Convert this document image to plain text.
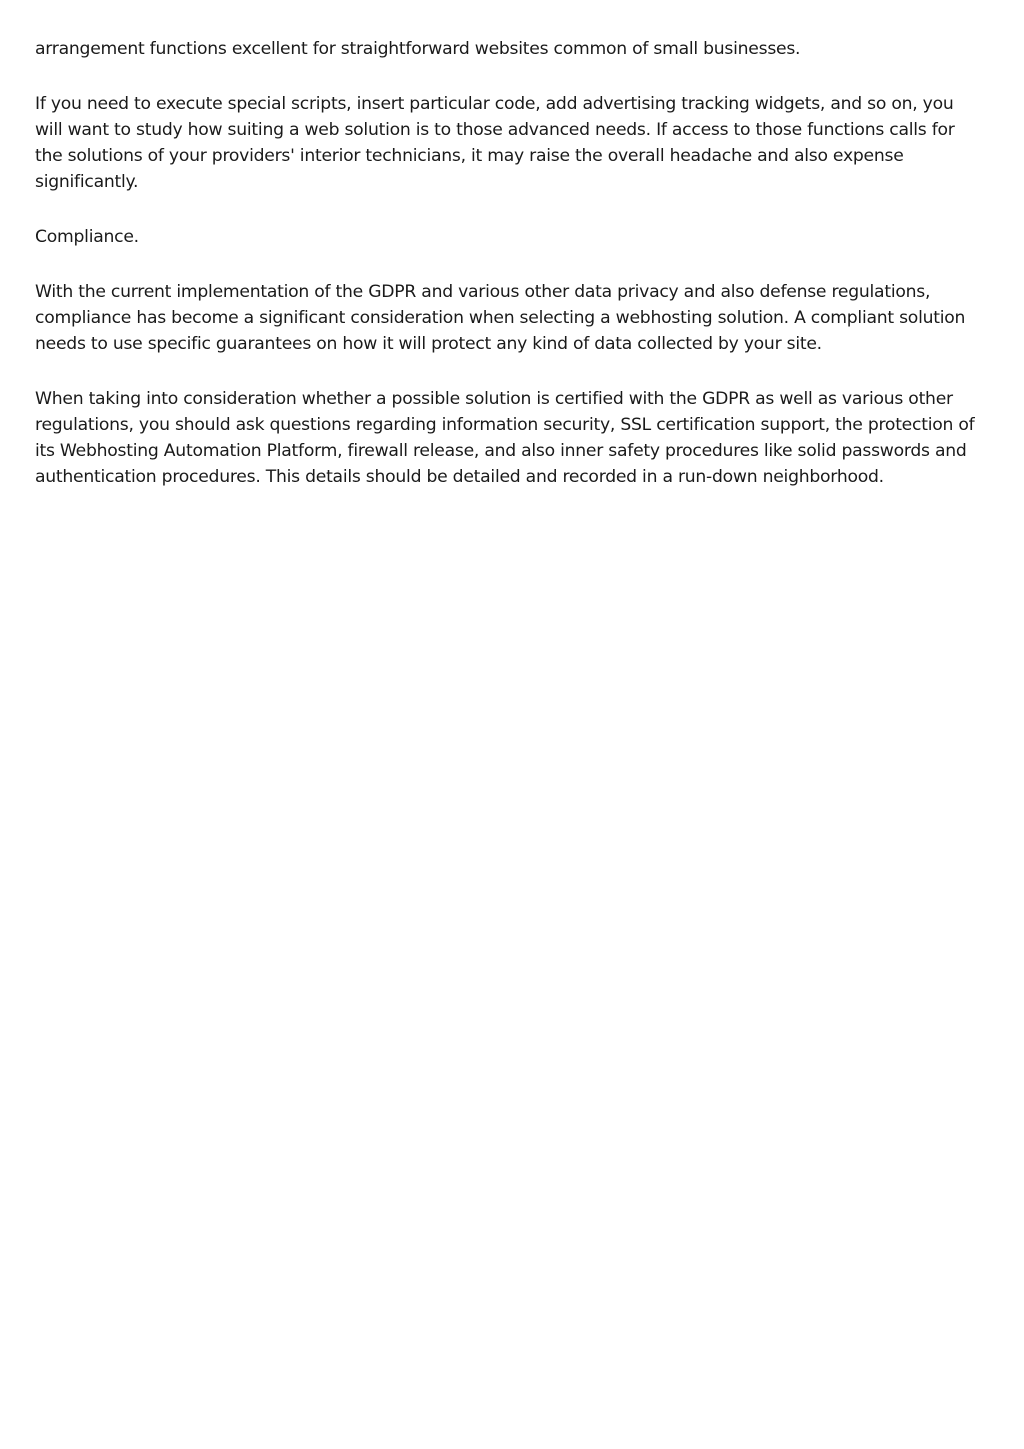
arrangement functions excellent for straightforward websites common of small businesses.

If you need to execute special scripts, insert particular code, add advertising tracking widgets, and so on, you will want to study how suiting a web solution is to those advanced needs. If access to those functions calls for the solutions of your providers' interior technicians, it may raise the overall headache and also expense significantly.

Compliance.

With the current implementation of the GDPR and various other data privacy and also defense regulations, compliance has become a significant consideration when selecting a webhosting solution. A compliant solution needs to use specific guarantees on how it will protect any kind of data collected by your site.

When taking into consideration whether a possible solution is certified with the GDPR as well as various other regulations, you should ask questions regarding information security, SSL certification support, the protection of its Webhosting Automation Platform, firewall release, and also inner safety procedures like solid passwords and authentication procedures. This details should be detailed and recorded in a run-down neighborhood.
